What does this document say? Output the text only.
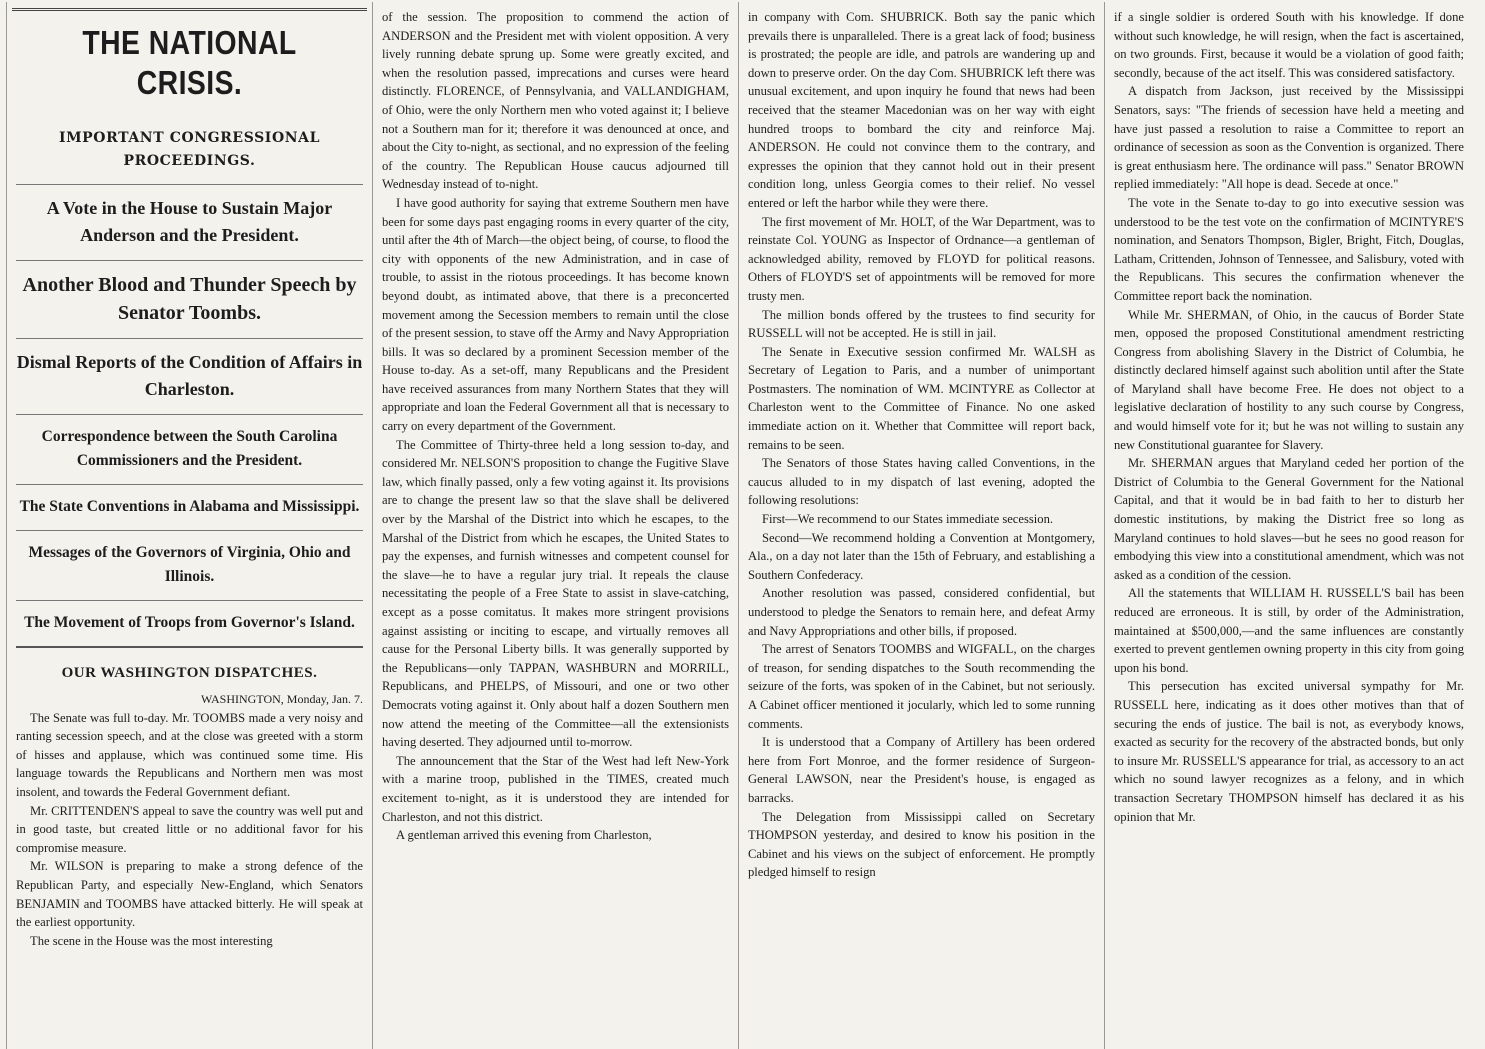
THE NATIONAL CRISIS.
IMPORTANT CONGRESSIONAL PROCEEDINGS.
A Vote in the House to Sustain Major Anderson and the President.
Another Blood and Thunder Speech by Senator Toombs.
Dismal Reports of the Condition of Affairs in Charleston.
Correspondence between the South Carolina Commissioners and the President.
The State Conventions in Alabama and Mississippi.
Messages of the Governors of Virginia, Ohio and Illinois.
The Movement of Troops from Governor's Island.
OUR WASHINGTON DISPATCHES.
WASHINGTON, Monday, Jan. 7.

The Senate was full to-day. Mr. TOOMBS made a very noisy and ranting secession speech, and at the close was greeted with a storm of hisses and applause, which was continued some time. His language towards the Republicans and Northern men was most insolent, and towards the Federal Government defiant.

Mr. CRITTENDEN'S appeal to save the country was well put and in good taste, but created little or no additional favor for his compromise measure.

Mr. WILSON is preparing to make a strong defence of the Republican Party, and especially New-England, which Senators BENJAMIN and TOOMBS have attacked bitterly. He will speak at the earliest opportunity.

The scene in the House was the most interesting

of the session. The proposition to commend the action of ANDERSON and the President met with violent opposition. A very lively running debate sprung up. Some were greatly excited, and when the resolution passed, imprecations and curses were heard distinctly. FLORENCE, of Pennsylvania, and VALLANDIGHAM, of Ohio, were the only Northern men who voted against it; I believe not a Southern man for it; therefore it was denounced at once, and about the City to-night, as sectional, and no expression of the feeling of the country. The Republican House caucus adjourned till Wednesday instead of to-night.

I have good authority for saying that extreme Southern men have been for some days past engaging rooms in every quarter of the city, until after the 4th of March—the object being, of course, to flood the city with opponents of the new Administration, and in case of trouble, to assist in the riotous proceedings. It has become known beyond doubt, as intimated above, that there is a preconcerted movement among the Secession members to remain until the close of the present session, to stave off the Army and Navy Appropriation bills. It was so declared by a prominent Secession member of the House to-day. As a set-off, many Republicans and the President have received assurances from many Northern States that they will appropriate and loan the Federal Government all that is necessary to carry on every department of the Government.

The Committee of Thirty-three held a long session to-day, and considered Mr. NELSON'S proposition to change the Fugitive Slave law, which finally passed, only a few voting against it. Its provisions are to change the present law so that the slave shall be delivered over by the Marshal of the District into which he escapes, to the Marshal of the District from which he escapes, the United States to pay the expenses, and furnish witnesses and competent counsel for the slave—he to have a regular jury trial. It repeals the clause necessitating the people of a Free State to assist in slave-catching, except as a posse comitatus. It makes more stringent provisions against assisting or inciting to escape, and virtually removes all cause for the Personal Liberty bills. It was generally supported by the Republicans—only TAPPAN, WASHBURN and MORRILL, Republicans, and PHELPS, of Missouri, and one or two other Democrats voting against it. Only about half a dozen Southern men now attend the meeting of the Committee—all the extensionists having deserted. They adjourned until to-morrow.

The announcement that the Star of the West had left New-York with a marine troop, published in the TIMES, created much excitement to-night, as it is understood they are intended for Charleston, and not this district.

A gentleman arrived this evening from Charleston,

in company with Com. SHUBRICK. Both say the panic which prevails there is unparalleled. There is a great lack of food; business is prostrated; the people are idle, and patrols are wandering up and down to preserve order. On the day Com. SHUBRICK left there was unusual excitement, and upon inquiry he found that news had been received that the steamer Macedonian was on her way with eight hundred troops to bombard the city and reinforce Maj. ANDERSON. He could not convince them to the contrary, and expresses the opinion that they cannot hold out in their present condition long, unless Georgia comes to their relief. No vessel entered or left the harbor while they were there.

The first movement of Mr. HOLT, of the War Department, was to reinstate Col. YOUNG as Inspector of Ordnance—a gentleman of acknowledged ability, removed by FLOYD for political reasons. Others of FLOYD'S set of appointments will be removed for more trusty men.

The million bonds offered by the trustees to find security for RUSSELL will not be accepted. He is still in jail.

The Senate in Executive session confirmed Mr. WALSH as Secretary of Legation to Paris, and a number of unimportant Postmasters. The nomination of WM. MCINTYRE as Collector at Charleston went to the Committee of Finance. No one asked immediate action on it. Whether that Committee will report back, remains to be seen.

The Senators of those States having called Conventions, in the caucus alluded to in my dispatch of last evening, adopted the following resolutions:

First—We recommend to our States immediate secession.

Second—We recommend holding a Convention at Montgomery, Ala., on a day not later than the 15th of February, and establishing a Southern Confederacy.

Another resolution was passed, considered confidential, but understood to pledge the Senators to remain here, and defeat Army and Navy Appropriations and other bills, if proposed.

The arrest of Senators TOOMBS and WIGFALL, on the charges of treason, for sending dispatches to the South recommending the seizure of the forts, was spoken of in the Cabinet, but not seriously. A Cabinet officer mentioned it jocularly, which led to some running comments.

It is understood that a Company of Artillery has been ordered here from Fort Monroe, and the former residence of Surgeon-General LAWSON, near the President's house, is engaged as barracks.

The Delegation from Mississippi called on Secretary THOMPSON yesterday, and desired to know his position in the Cabinet and his views on the subject of enforcement. He promptly pledged himself to resign

if a single soldier is ordered South with his knowledge. If done without such knowledge, he will resign, when the fact is ascertained, on two grounds. First, because it would be a violation of good faith; secondly, because of the act itself. This was considered satisfactory.

A dispatch from Jackson, just received by the Mississippi Senators, says: "The friends of secession have held a meeting and have just passed a resolution to raise a Committee to report an ordinance of secession as soon as the Convention is organized. There is great enthusiasm here. The ordinance will pass." Senator BROWN replied immediately: "All hope is dead. Secede at once."

The vote in the Senate to-day to go into executive session was understood to be the test vote on the confirmation of MCINTYRE'S nomination, and Senators Thompson, Bigler, Bright, Fitch, Douglas, Latham, Crittenden, Johnson of Tennessee, and Salisbury, voted with the Republicans. This secures the confirmation whenever the Committee report back the nomination.

While Mr. SHERMAN, of Ohio, in the caucus of Border State men, opposed the proposed Constitutional amendment restricting Congress from abolishing Slavery in the District of Columbia, he distinctly declared himself against such abolition until after the State of Maryland shall have become Free. He does not object to a legislative declaration of hostility to any such course by Congress, and would himself vote for it; but he was not willing to sustain any new Constitutional guarantee for Slavery.

Mr. SHERMAN argues that Maryland ceded her portion of the District of Columbia to the General Government for the National Capital, and that it would be in bad faith to her to disturb her domestic institutions, by making the District free so long as Maryland continues to hold slaves—but he sees no good reason for embodying this view into a constitutional amendment, which was not asked as a condition of the cession.

All the statements that WILLIAM H. RUSSELL'S bail has been reduced are erroneous. It is still, by order of the Administration, maintained at $500,000,—and the same influences are constantly exerted to prevent gentlemen owning property in this city from going upon his bond.

This persecution has excited universal sympathy for Mr. RUSSELL here, indicating as it does other motives than that of securing the ends of justice. The bail is not, as everybody knows, exacted as security for the recovery of the abstracted bonds, but only to insure Mr. RUSSELL'S appearance for trial, as accessory to an act which no sound lawyer recognizes as a felony, and in which transaction Secretary THOMPSON himself has declared it as his opinion that Mr.
